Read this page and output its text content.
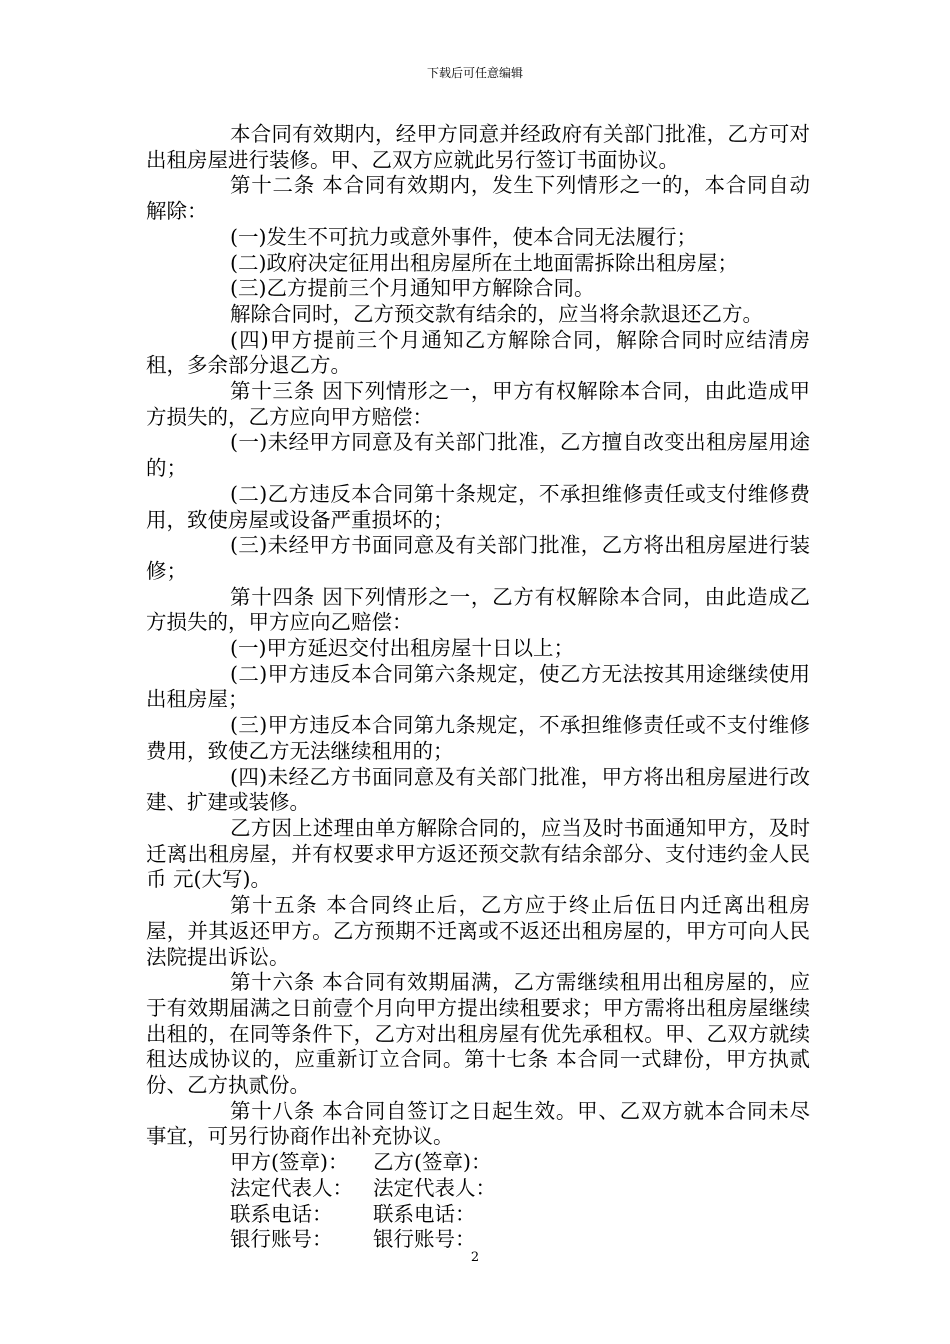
下载后可任意编辑

本合同有效期内，经甲方同意并经政府有关部门批准，乙方可对出租房屋进行装修。甲、乙双方应就此另行签订书面协议。

第十二条 本合同有效期内，发生下列情形之一的，本合同自动解除：

(一)发生不可抗力或意外事件，使本合同无法履行；

(二)政府决定征用出租房屋所在土地面需拆除出租房屋；

(三)乙方提前三个月通知甲方解除合同。

解除合同时，乙方预交款有结余的，应当将余款退还乙方。

(四)甲方提前三个月通知乙方解除合同，解除合同时应结清房租，多余部分退乙方。

第十三条 因下列情形之一，甲方有权解除本合同，由此造成甲方损失的，乙方应向甲方赔偿：

(一)未经甲方同意及有关部门批准，乙方擅自改变出租房屋用途的；

(二)乙方违反本合同第十条规定，不承担维修责任或支付维修费用，致使房屋或设备严重损坏的；

(三)未经甲方书面同意及有关部门批准，乙方将出租房屋进行装修；

第十四条 因下列情形之一，乙方有权解除本合同，由此造成乙方损失的，甲方应向乙赔偿：

(一)甲方延迟交付出租房屋十日以上；

(二)甲方违反本合同第六条规定，使乙方无法按其用途继续使用出租房屋；

(三)甲方违反本合同第九条规定，不承担维修责任或不支付维修费用，致使乙方无法继续租用的；

(四)未经乙方书面同意及有关部门批准，甲方将出租房屋进行改建、扩建或装修。

乙方因上述理由单方解除合同的，应当及时书面通知甲方，及时迁离出租房屋，并有权要求甲方返还预交款有结余部分、支付违约金人民币 元(大写)。

第十五条 本合同终止后，乙方应于终止后伍日内迁离出租房屋，并其返还甲方。乙方预期不迁离或不返还出租房屋的，甲方可向人民法院提出诉讼。

第十六条 本合同有效期届满，乙方需继续租用出租房屋的，应于有效期届满之日前壹个月向甲方提出续租要求；甲方需将出租房屋继续出租的，在同等条件下，乙方对出租房屋有优先承租权。甲、乙双方就续租达成协议的，应重新订立合同。第十七条 本合同一式肆份，甲方执贰份、乙方执贰份。

第十八条 本合同自签订之日起生效。甲、乙双方就本合同未尽事宜，可另行协商作出补充协议。

甲方(签章)： 乙方(签章)：

法定代表人： 法定代表人：

联系电话： 联系电话：

银行账号： 银行账号：

2
